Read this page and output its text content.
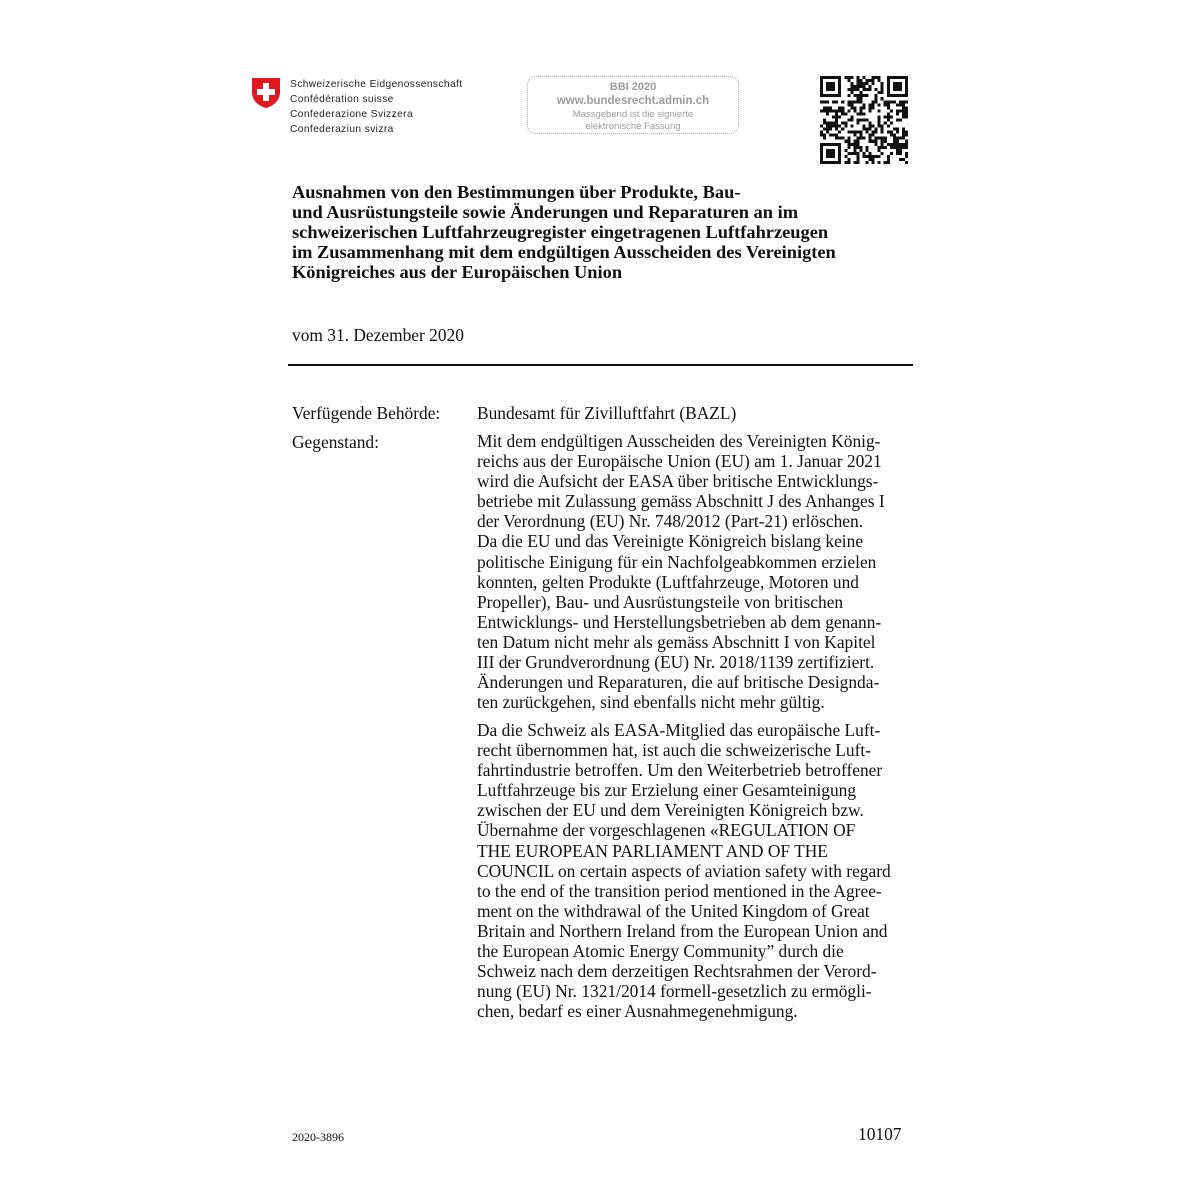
Schweizerische Eidgenossenschaft
Confédération suisse
Confederazione Svizzera
Confederaziun svizra
BBI 2020
www.bundesrecht.admin.ch
Massgebend ist die signierte
elektronische Fassung
Ausnahmen von den Bestimmungen über Produkte, Bau-
und Ausrüstungsteile sowie Änderungen und Reparaturen an im
schweizerischen Luftfahrzeugregister eingetragenen Luftfahrzeugen
im Zusammenhang mit dem endgültigen Ausscheiden des Vereinigten
Königreiches aus der Europäischen Union
vom 31. Dezember 2020
Verfügende Behörde: Bundesamt für Zivilluftfahrt (BAZL)
Gegenstand:	Mit dem endgültigen Ausscheiden des Vereinigten König-
reichs aus der Europäische Union (EU) am 1. Januar 2021
wird die Aufsicht der EASA über britische Entwicklungs-
betriebe mit Zulassung gemäss Abschnitt J des Anhanges I
der Verordnung (EU) Nr. 748/2012 (Part-21) erlöschen.
Da die EU und das Vereinigte Königreich bislang keine
politische Einigung für ein Nachfolgeabkommen erzielen
konnten, gelten Produkte (Luftfahrzeuge, Motoren und
Propeller), Bau- und Ausrüstungsteile von britischen
Entwicklungs- und Herstellungsbetrieben ab dem genann-
ten Datum nicht mehr als gemäss Abschnitt I von Kapitel
III der Grundverordnung (EU) Nr. 2018/1139 zertifiziert.
Änderungen und Reparaturen, die auf britische Designda-
ten zurückgehen, sind ebenfalls nicht mehr gültig.
Da die Schweiz als EASA-Mitglied das europäische Luft-
recht übernommen hat, ist auch die schweizerische Luft-
fahrtindustrie betroffen. Um den Weiterbetrieb betroffener
Luftfahrzeuge bis zur Erzielung einer Gesamteinigung
zwischen der EU und dem Vereinigten Königreich bzw.
Übernahme der vorgeschlagenen «REGULATION OF
THE EUROPEAN PARLIAMENT AND OF THE
COUNCIL on certain aspects of aviation safety with regard
to the end of the transition period mentioned in the Agree-
ment on the withdrawal of the United Kingdom of Great
Britain and Northern Ireland from the European Union and
the European Atomic Energy Community” durch die
Schweiz nach dem derzeitigen Rechtsrahmen der Verord-
nung (EU) Nr. 1321/2014 formell-gesetzlich zu ermögli-
chen, bedarf es einer Ausnahmegenehmigung.
2020-3896	10107
